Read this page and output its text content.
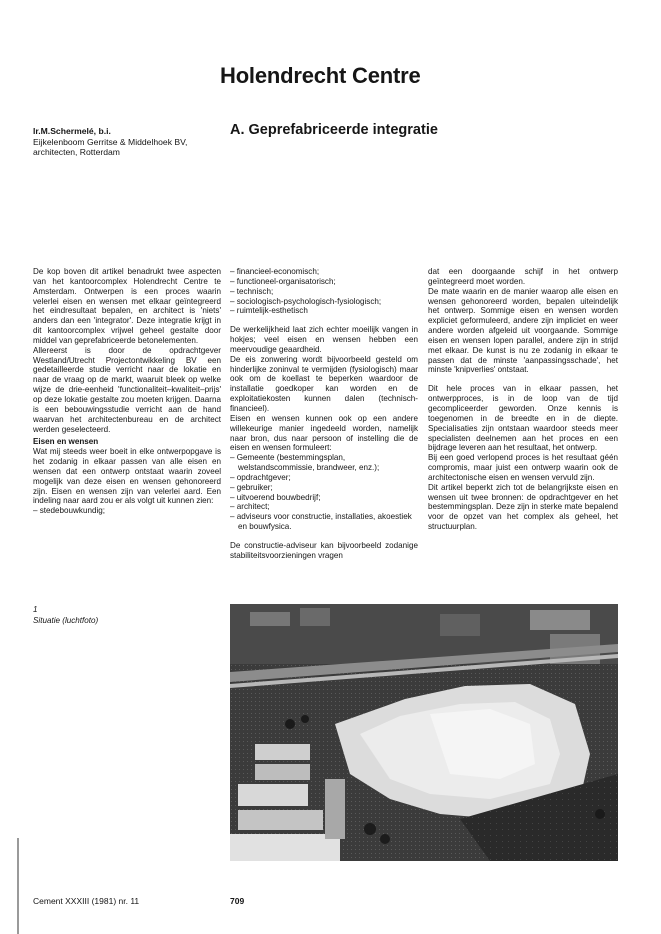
Holendrecht Centre
A. Geprefabriceerde integratie
Ir.M.Schermelé, b.i.
Eijkelenboom Gerritse & Middelhoek BV,
architecten, Rotterdam

De kop boven dit artikel benadrukt twee aspecten van het kantoorcomplex Holendrecht Centre te Amsterdam. Ontwerpen is een proces waarin velerlei eisen en wensen met elkaar geïntegreerd het eindresultaat bepalen, en architect is 'niets' anders dan een 'integrator'. Deze integratie krijgt in dit kantoorcomplex vrijwel geheel gestalte door middel van geprefabriceerde betonelementen.

Allereerst is door de opdrachtgever Westland/Utrecht Projectontwikkeling BV een gedetailleerde studie verricht naar de lokatie en naar de vraag op de markt, waaruit bleek op welke wijze de drie-eenheid 'functionaliteit–kwaliteit–prijs' op deze lokatie gestalte zou moeten krijgen. Daarna is een bebouwingsstudie verricht aan de hand waarvan het architectenbureau en de architect werden geselecteerd.

Eisen en wensen

Wat mij steeds weer boeit in elke ontwerpopgave is het zodanig in elkaar passen van alle eisen en wensen dat een ontwerp ontstaat waarin zoveel mogelijk van deze eisen en wensen gehonoreerd zijn. Eisen en wensen zijn van velerlei aard. Een indeling naar aard zou er als volgt uit kunnen zien:

– stedebouwkundig;
– financieel-economisch;
– functioneel-organisatorisch;
– technisch;
– sociologisch-psychologisch-fysiologisch;
– ruimtelijk-esthetisch

De werkelijkheid laat zich echter moeilijk vangen in hokjes; veel eisen en wensen hebben een meervoudige geaardheid.

De eis zonwering wordt bijvoorbeeld gesteld om hinderlijke zoninval te vermijden (fysiologisch) maar ook om de koellast te beperken waardoor de installatie goedkoper kan worden en de exploitatiekosten kunnen dalen (technisch-financieel).

Eisen en wensen kunnen ook op een andere willekeurige manier ingedeeld worden, namelijk naar bron, dus naar persoon of instelling die de eisen en wensen formuleert:

– Gemeente (bestemmingsplan, welstandscommissie, brandweer, enz.);
– opdrachtgever;
– gebruiker;
– uitvoerend bouwbedrijf;
– architect;
– adviseurs voor constructie, installaties, akoestiek en bouwfysica.

De constructie-adviseur kan bijvoorbeeld zodanige stabiliteitsvoorzieningen vragen

dat een doorgaande schijf in het ontwerp geïntegreerd moet worden.

De mate waarin en de manier waarop alle eisen en wensen gehonoreerd worden, bepalen uiteindelijk het ontwerp. Sommige eisen en wensen worden expliciet geformuleerd, andere zijn impliciet en weer andere worden afgeleid uit voorgaande. Sommige eisen en wensen lopen parallel, andere zijn in strijd met elkaar. De kunst is nu ze zodanig in elkaar te passen dat de minste 'aanpassingsschade', het minste 'knipverlies' ontstaat.

Dit hele proces van in elkaar passen, het ontwerpproces, is in de loop van de tijd gecompliceerder geworden. Onze kennis is toegenomen in de breedte en in de diepte. Specialisaties zijn ontstaan waardoor steeds meer specialisten deelnemen aan het proces en een bijdrage leveren aan het resultaat, het ontwerp.

Bij een goed verlopend proces is het resultaat géén compromis, maar juist een ontwerp waarin ook de architectonische eisen en wensen vervuld zijn.

Dit artikel beperkt zich tot de belangrijkste eisen en wensen uit twee bronnen: de opdrachtgever en het bestemmingsplan. Deze zijn in sterke mate bepalend voor de opzet van het complex als geheel, het structuurplan.

1
Situatie (luchtfoto)
Cement XXXIII (1981) nr. 11	709
